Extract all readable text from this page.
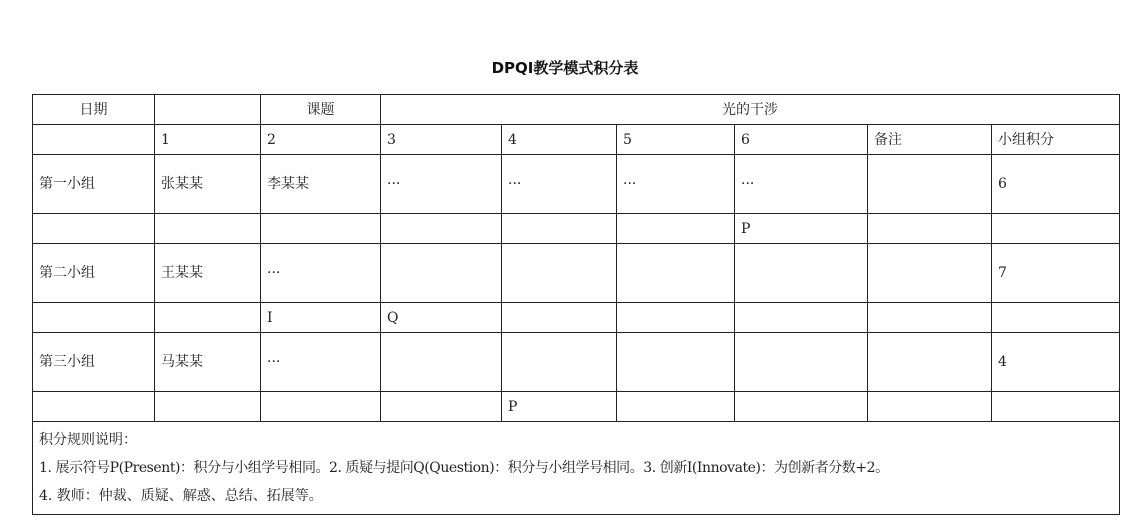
DPQI教学模式积分表
日期		课题	光的干涉					
	1	2	3	4	5	6	备注	小组积分
第一小组	张某某	李某某	···	···	···	···		6
						P		
第二小组	王某某	···						7
		I	Q					
第三小组	马某某	···						4
				P				

积分规则说明：
1. 展示符号P(Present)：积分与小组学号相同。2. 质疑与提问Q(Question)：积分与小组学号相同。3. 创新I(Innovate)：为创新者分数+2。
4. 教师：仲裁、质疑、解惑、总结、拓展等。								
